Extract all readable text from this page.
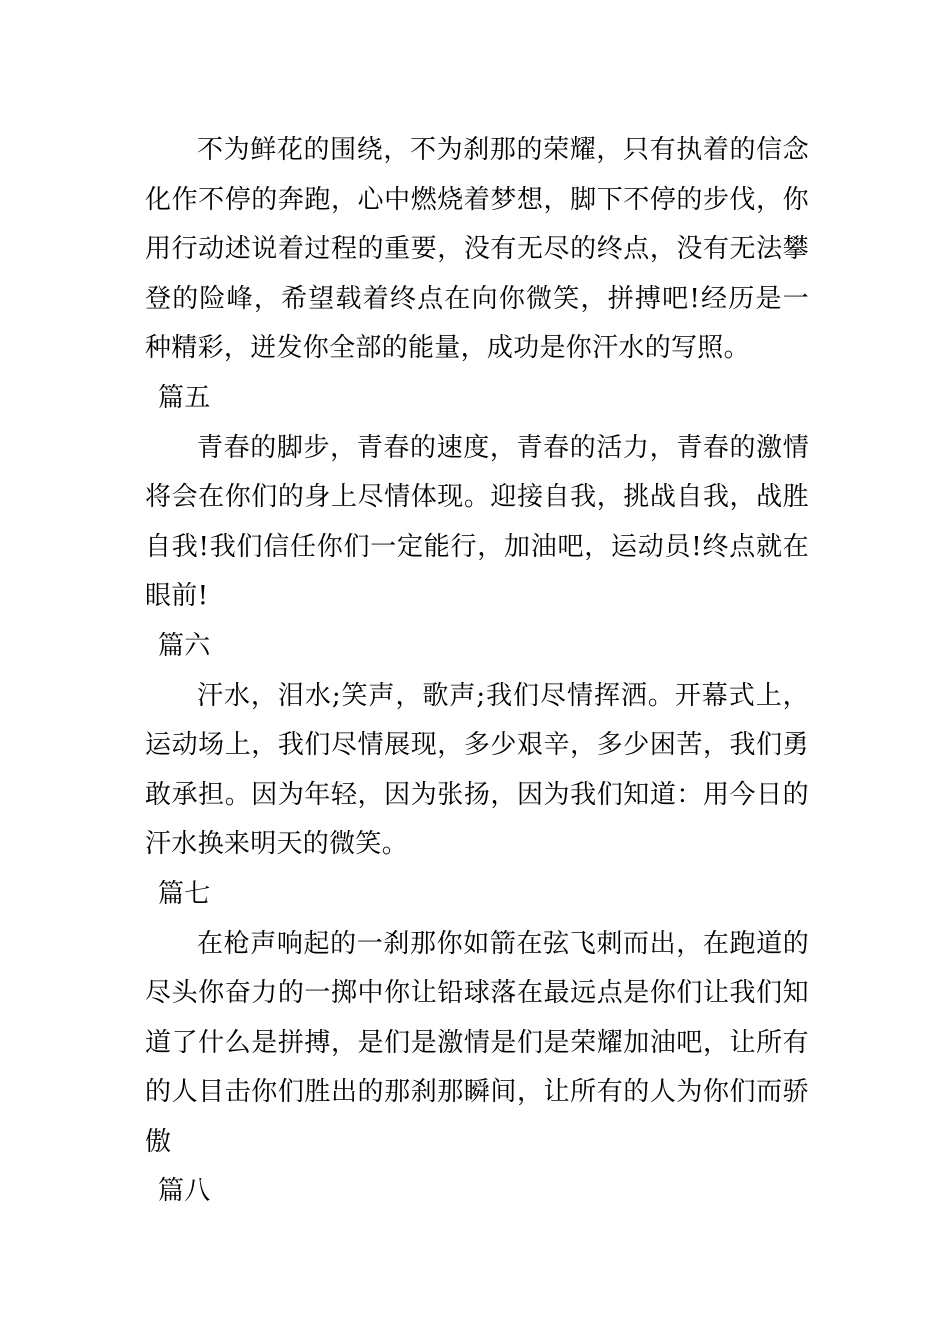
不为鲜花的围绕，不为刹那的荣耀，只有执着的信念化作不停的奔跑，心中燃烧着梦想，脚下不停的步伐，你用行动述说着过程的重要，没有无尽的终点，没有无法攀登的险峰，希望载着终点在向你微笑，拼搏吧!经历是一种精彩，迸发你全部的能量，成功是你汗水的写照。

篇五

青春的脚步，青春的速度，青春的活力，青春的激情将会在你们的身上尽情体现。迎接自我，挑战自我，战胜自我!我们信任你们一定能行，加油吧，运动员!终点就在眼前!

篇六

汗水，泪水;笑声，歌声;我们尽情挥洒。开幕式上，运动场上，我们尽情展现，多少艰辛，多少困苦，我们勇敢承担。因为年轻，因为张扬，因为我们知道：用今日的汗水换来明天的微笑。

篇七

在枪声响起的一刹那你如箭在弦飞刺而出，在跑道的尽头你奋力的一掷中你让铅球落在最远点是你们让我们知道了什么是拼搏，是们是激情是们是荣耀加油吧，让所有的人目击你们胜出的那刹那瞬间，让所有的人为你们而骄傲

篇八
